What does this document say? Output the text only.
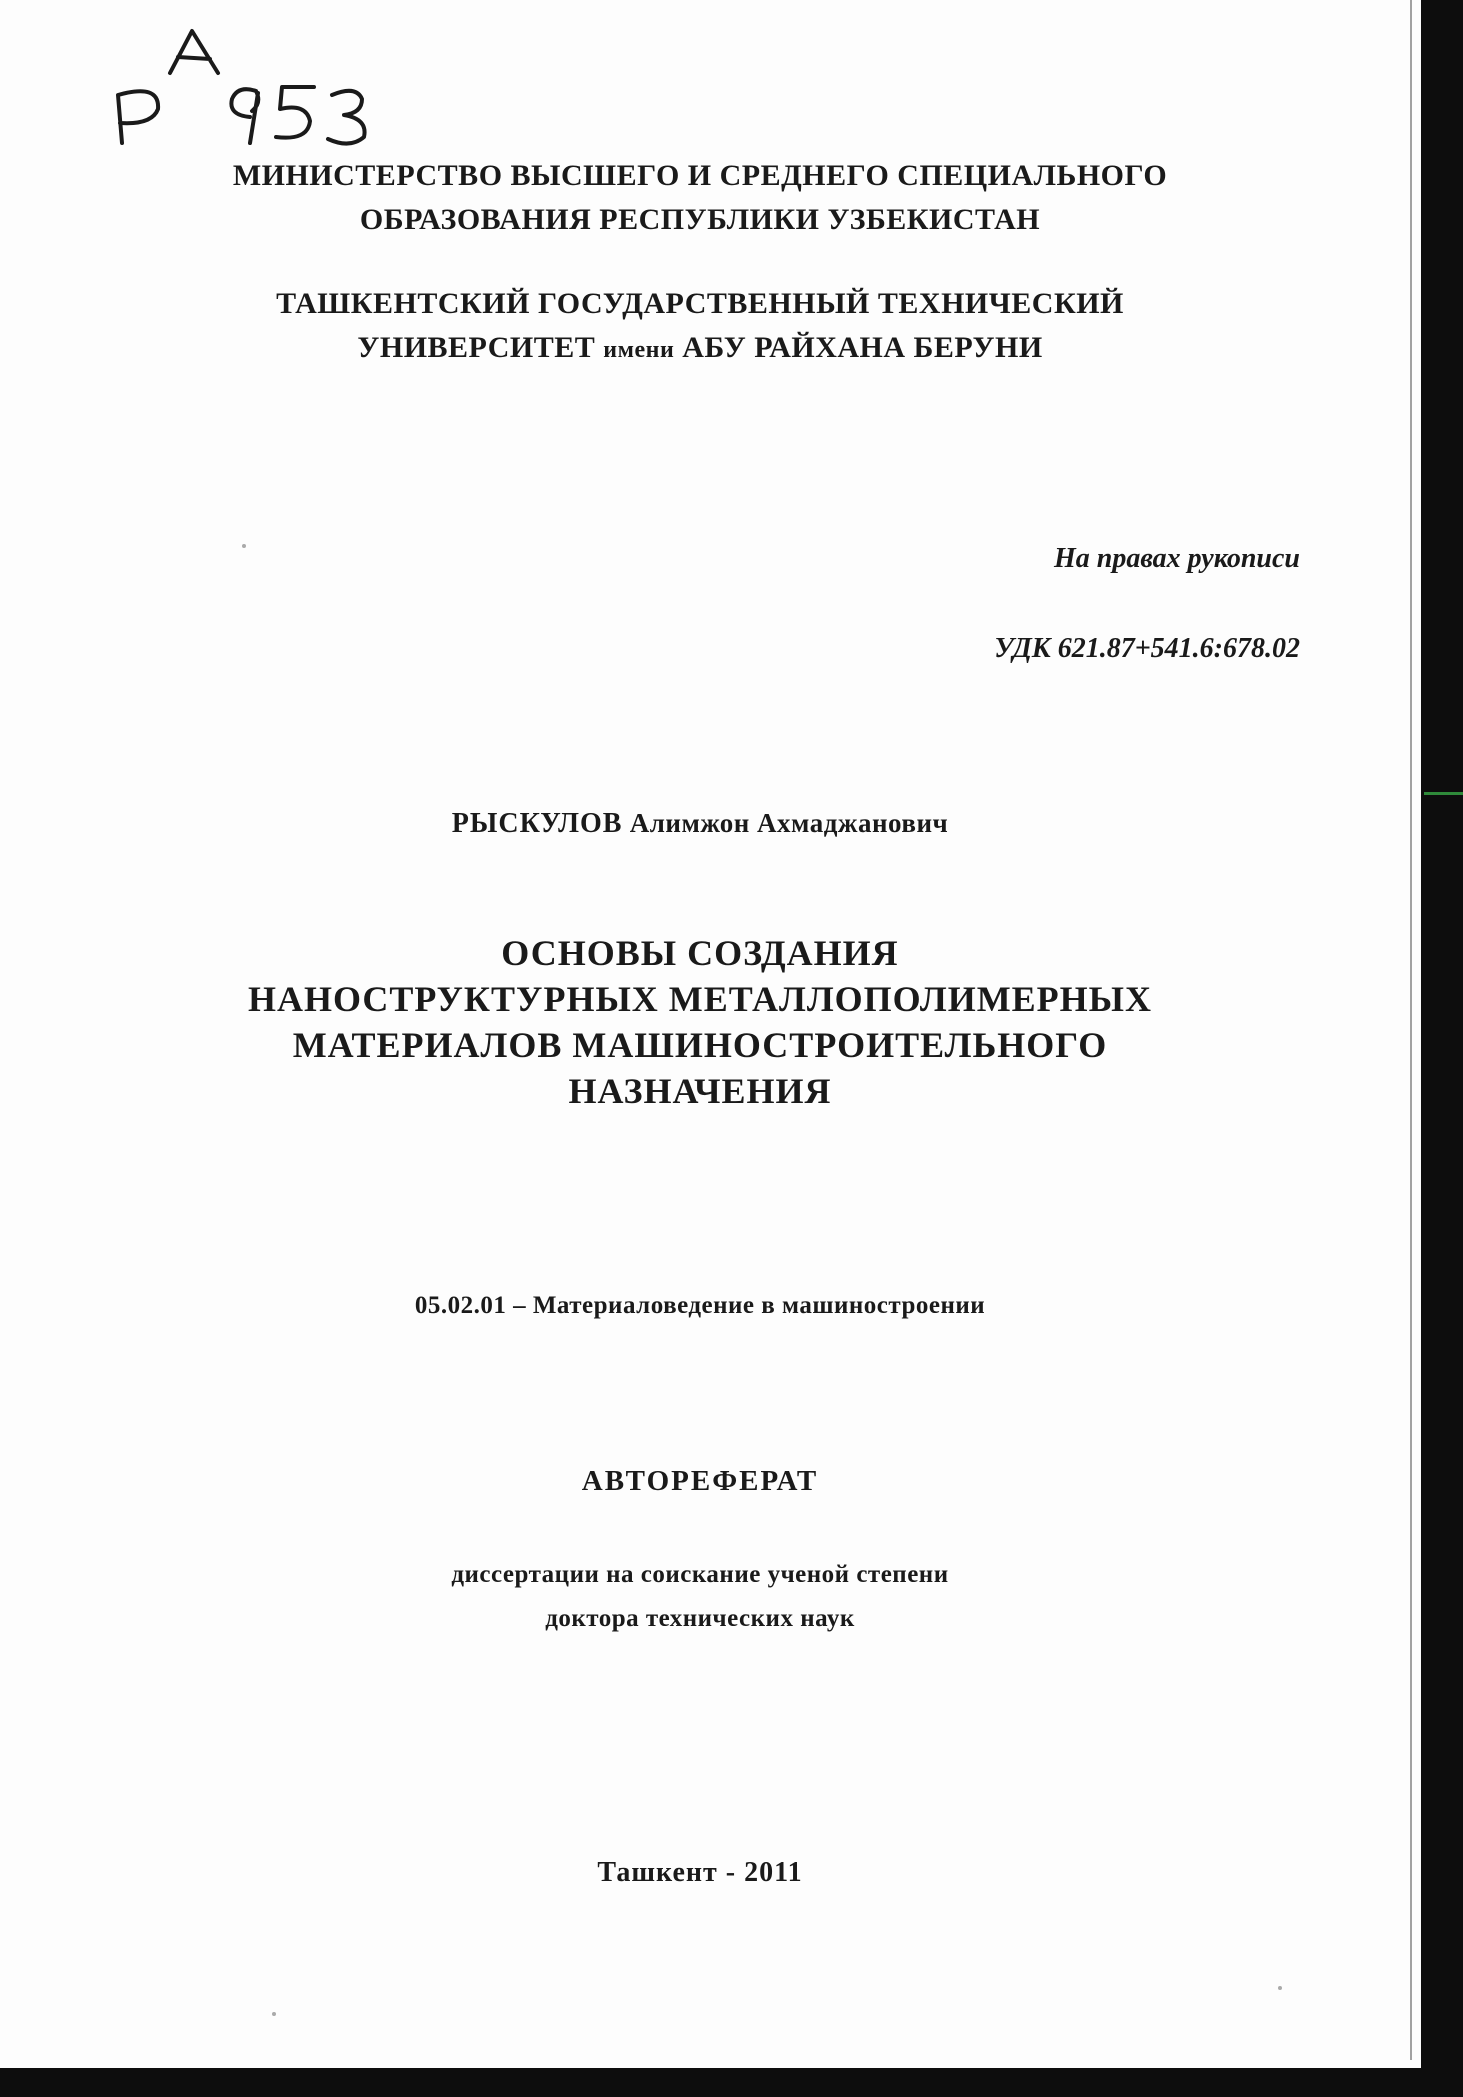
МИНИСТЕРСТВО ВЫСШЕГО И СРЕДНЕГО СПЕЦИАЛЬНОГО
ОБРАЗОВАНИЯ РЕСПУБЛИКИ УЗБЕКИСТАН
ТАШКЕНТСКИЙ ГОСУДАРСТВЕННЫЙ ТЕХНИЧЕСКИЙ
УНИВЕРСИТЕТ имени АБУ РАЙХАНА БЕРУНИ
На правах рукописи
УДК 621.87+541.6:678.02
РЫСКУЛОВ Алимжон Ахмаджанович
ОСНОВЫ СОЗДАНИЯ
НАНОСТРУКТУРНЫХ МЕТАЛЛОПОЛИМЕРНЫХ
МАТЕРИАЛОВ МАШИНОСТРОИТЕЛЬНОГО
НАЗНАЧЕНИЯ
05.02.01 – Материаловедение в машиностроении
АВТОРЕФЕРАТ
диссертации на соискание ученой степени
доктора технических наук
Ташкент - 2011
